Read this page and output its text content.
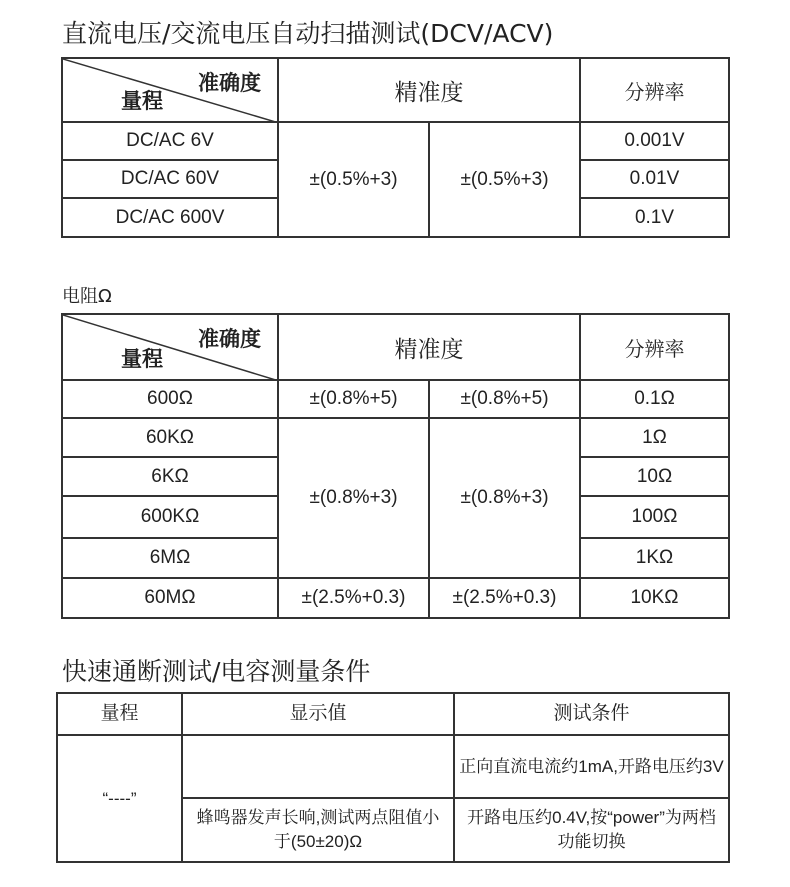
直流电压/交流电压自动扫描测试(DCV/ACV)
准确度
量程	精准度		分辨率
DC/AC 6V	±(0.5%+3)	±(0.5%+3)	0.001V
DC/AC 60V			0.01V
DC/AC 600V			0.1V
电阻Ω
准确度
量程	精准度		分辨率
600Ω	±(0.8%+5)	±(0.8%+5)	0.1Ω
60KΩ	±(0.8%+3)	±(0.8%+3)	1Ω
6KΩ			10Ω
600KΩ			100Ω
6MΩ			1KΩ
60MΩ	±(2.5%+0.3)	±(2.5%+0.3)	10KΩ
快速通断测试/电容测量条件
量程	显示值	测试条件
“----”		正向直流电流约1mA,开路电压约3V
	蜂鸣器发声长响,测试两点阻值小于(50±20)Ω	开路电压约0.4V,按“power”为两档功能切换
